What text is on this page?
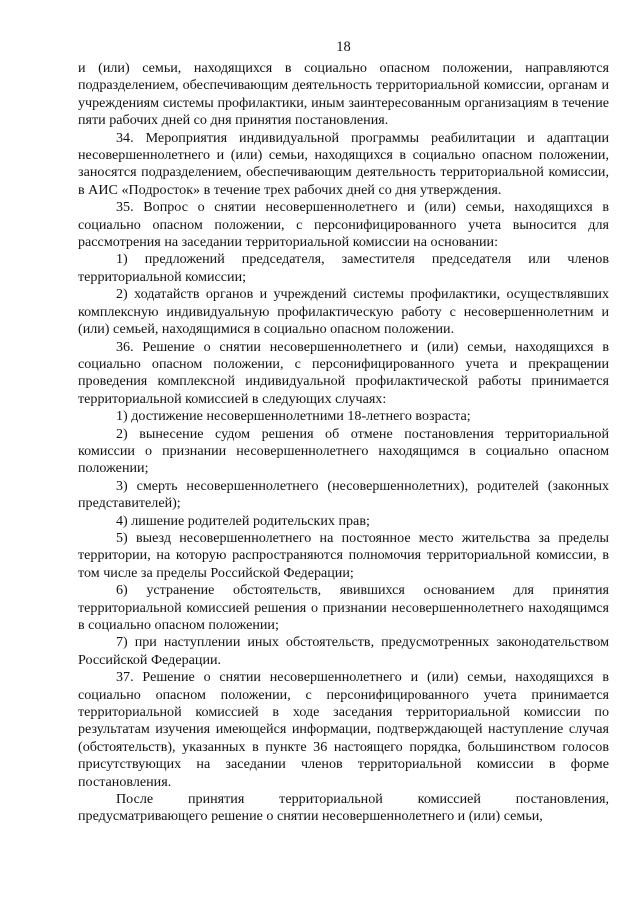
18

и (или) семьи, находящихся в социально опасном положении, направляются подразделением, обеспечивающим деятельность территориальной комиссии, органам и учреждениям системы профилактики, иным заинтересованным организациям в течение пяти рабочих дней со дня принятия постановления.

34. Мероприятия индивидуальной программы реабилитации и адаптации несовершеннолетнего и (или) семьи, находящихся в социально опасном положении, заносятся подразделением, обеспечивающим деятельность территориальной комиссии, в АИС «Подросток» в течение трех рабочих дней со дня утверждения.

35. Вопрос о снятии несовершеннолетнего и (или) семьи, находящихся в социально опасном положении, с персонифицированного учета выносится для рассмотрения на заседании территориальной комиссии на основании:

1) предложений председателя, заместителя председателя или членов территориальной комиссии;

2) ходатайств органов и учреждений системы профилактики, осуществлявших комплексную индивидуальную профилактическую работу с несовершеннолетним и (или) семьей, находящимися в социально опасном положении.

36. Решение о снятии несовершеннолетнего и (или) семьи, находящихся в социально опасном положении, с персонифицированного учета и прекращении проведения комплексной индивидуальной профилактической работы принимается территориальной комиссией в следующих случаях:

1) достижение несовершеннолетними 18-летнего возраста;

2) вынесение судом решения об отмене постановления территориальной комиссии о признании несовершеннолетнего находящимся в социально опасном положении;

3) смерть несовершеннолетнего (несовершеннолетних), родителей (законных представителей);

4) лишение родителей родительских прав;

5) выезд несовершеннолетнего на постоянное место жительства за пределы территории, на которую распространяются полномочия территориальной комиссии, в том числе за пределы Российской Федерации;

6) устранение обстоятельств, явившихся основанием для принятия территориальной комиссией решения о признании несовершеннолетнего находящимся в социально опасном положении;

7) при наступлении иных обстоятельств, предусмотренных законодательством Российской Федерации.

37. Решение о снятии несовершеннолетнего и (или) семьи, находящихся в социально опасном положении, с персонифицированного учета принимается территориальной комиссией в ходе заседания территориальной комиссии по результатам изучения имеющейся информации, подтверждающей наступление случая (обстоятельств), указанных в пункте 36 настоящего порядка, большинством голосов присутствующих на заседании членов территориальной комиссии в форме постановления.

После принятия территориальной комиссией постановления, предусматривающего решение о снятии несовершеннолетнего и (или) семьи,
